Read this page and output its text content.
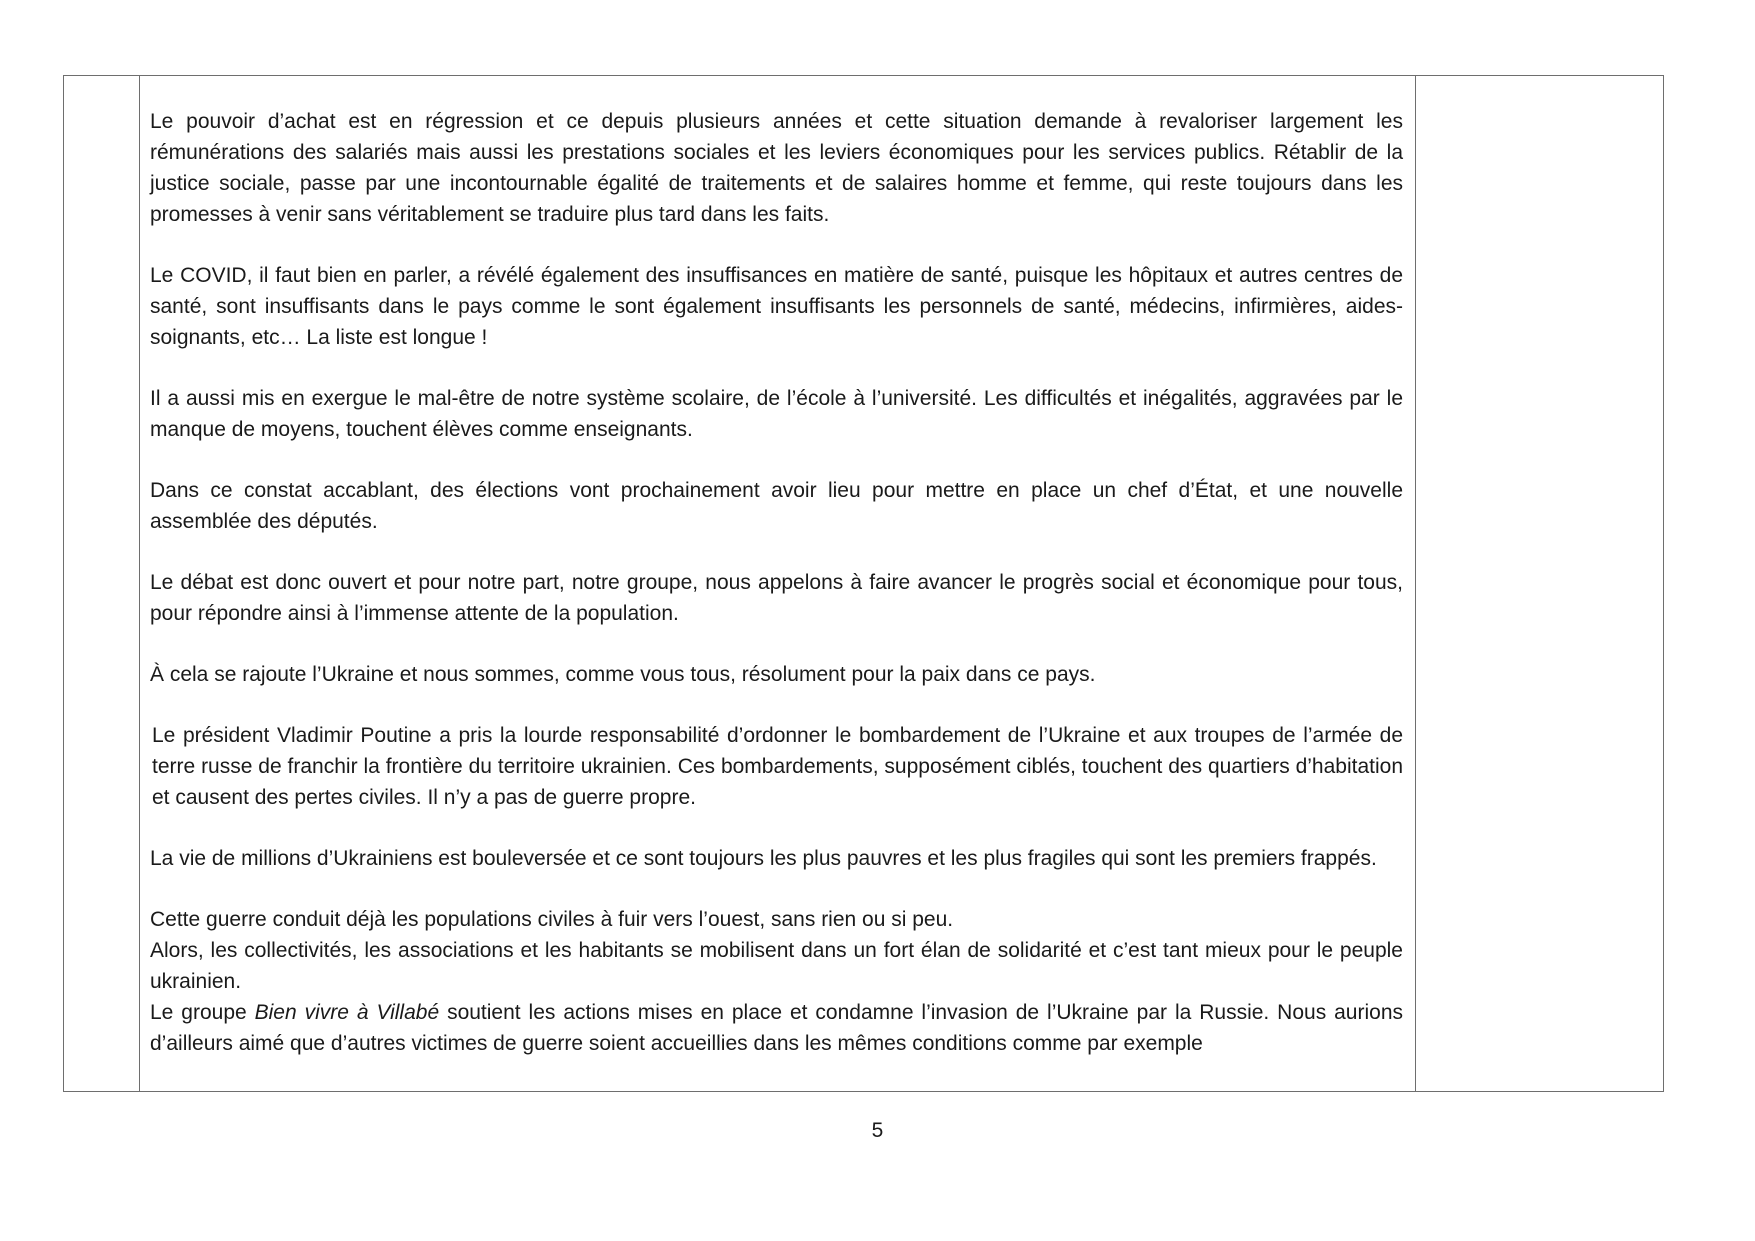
Le pouvoir d’achat est en régression et ce depuis plusieurs années et cette situation demande à revaloriser largement les rémunérations des salariés mais aussi les prestations sociales et les leviers économiques pour les services publics. Rétablir de la justice sociale, passe par une incontournable égalité de traitements et de salaires homme et femme, qui reste toujours dans les promesses à venir sans véritablement se traduire plus tard dans les faits.

Le COVID, il faut bien en parler, a révélé également des insuffisances en matière de santé, puisque les hôpitaux et autres centres de santé, sont insuffisants dans le pays comme le sont également insuffisants les personnels de santé, médecins, infirmières, aides-soignants, etc… La liste est longue !

Il a aussi mis en exergue le mal-être de notre système scolaire, de l’école à l’université. Les difficultés et inégalités, aggravées par le manque de moyens, touchent élèves comme enseignants.

Dans ce constat accablant, des élections vont prochainement avoir lieu pour mettre en place un chef d’État, et une nouvelle assemblée des députés.

Le débat est donc ouvert et pour notre part, notre groupe, nous appelons à faire avancer le progrès social et économique pour tous, pour répondre ainsi à l’immense attente de la population.

À cela se rajoute l’Ukraine et nous sommes, comme vous tous, résolument pour la paix dans ce pays.

Le président Vladimir Poutine a pris la lourde responsabilité d’ordonner le bombardement de l’Ukraine et aux troupes de l’armée de terre russe de franchir la frontière du territoire ukrainien. Ces bombardements, supposément ciblés, touchent des quartiers d’habitation et causent des pertes civiles. Il n’y a pas de guerre propre.

La vie de millions d’Ukrainiens est bouleversée et ce sont toujours les plus pauvres et les plus fragiles qui sont les premiers frappés.

Cette guerre conduit déjà les populations civiles à fuir vers l’ouest, sans rien ou si peu.

Alors, les collectivités, les associations et les habitants se mobilisent dans un fort élan de solidarité et c’est tant mieux pour le peuple ukrainien.

Le groupe Bien vivre à Villabé soutient les actions mises en place et condamne l’invasion de l’Ukraine par la Russie. Nous aurions d’ailleurs aimé que d’autres victimes de guerre soient accueillies dans les mêmes conditions comme par exemple

5
